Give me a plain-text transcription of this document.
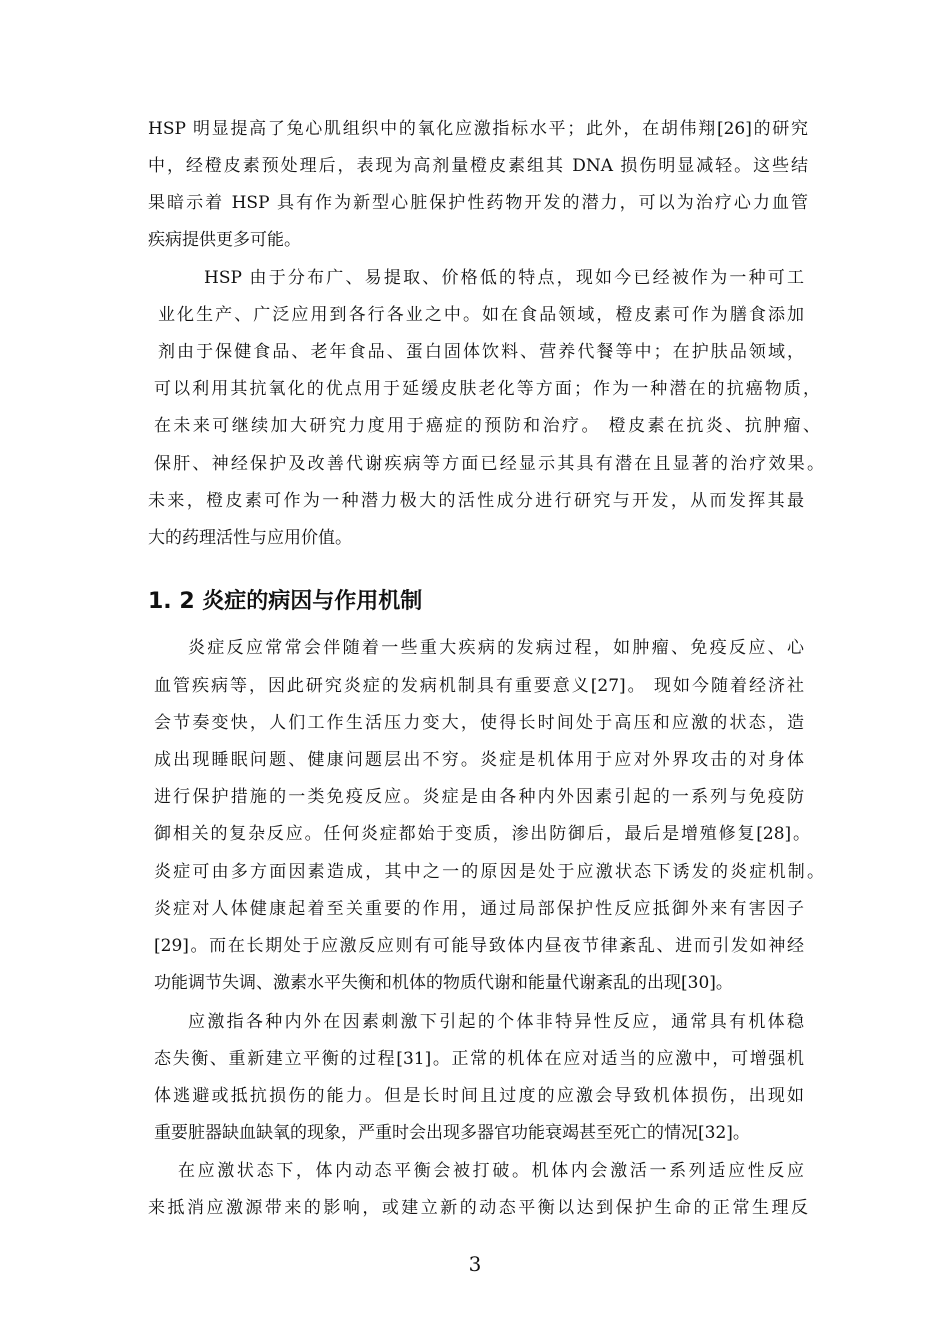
HSP 明显提高了兔心肌组织中的氧化应激指标水平；此外，在胡伟翔[26]的研究
中，经橙皮素预处理后，表现为高剂量橙皮素组其 DNA 损伤明显减轻。这些结
果暗示着 HSP 具有作为新型心脏保护性药物开发的潜力，可以为治疗心力血管
疾病提供更多可能。
HSP 由于分布广、易提取、价格低的特点，现如今已经被作为一种可工
业化生产、广泛应用到各行各业之中。如在食品领域，橙皮素可作为膳食添加
剂由于保健食品、老年食品、蛋白固体饮料、营养代餐等中；在护肤品领域，
可以利用其抗氧化的优点用于延缓皮肤老化等方面；作为一种潜在的抗癌物质，
在未来可继续加大研究力度用于癌症的预防和治疗。 橙皮素在抗炎、抗肿瘤、
保肝、神经保护及改善代谢疾病等方面已经显示其具有潜在且显著的治疗效果。
未来，橙皮素可作为一种潜力极大的活性成分进行研究与开发，从而发挥其最
大的药理活性与应用价值。
1. 2 炎症的病因与作用机制
炎症反应常常会伴随着一些重大疾病的发病过程，如肿瘤、免疫反应、心
血管疾病等，因此研究炎症的发病机制具有重要意义[27]。 现如今随着经济社
会节奏变快，人们工作生活压力变大，使得长时间处于高压和应激的状态，造
成出现睡眠问题、健康问题层出不穷。炎症是机体用于应对外界攻击的对身体
进行保护措施的一类免疫反应。炎症是由各种内外因素引起的一系列与免疫防
御相关的复杂反应。任何炎症都始于变质，渗出防御后，最后是增殖修复[28]。
炎症可由多方面因素造成，其中之一的原因是处于应激状态下诱发的炎症机制。
炎症对人体健康起着至关重要的作用，通过局部保护性反应抵御外来有害因子
[29]。而在长期处于应激反应则有可能导致体内昼夜节律紊乱、进而引发如神经
功能调节失调、激素水平失衡和机体的物质代谢和能量代谢紊乱的出现[30]。
应激指各种内外在因素刺激下引起的个体非特异性反应，通常具有机体稳
态失衡、重新建立平衡的过程[31]。正常的机体在应对适当的应激中，可增强机
体逃避或抵抗损伤的能力。但是长时间且过度的应激会导致机体损伤，出现如
重要脏器缺血缺氧的现象，严重时会出现多器官功能衰竭甚至死亡的情况[32]。
在应激状态下，体内动态平衡会被打破。机体内会激活一系列适应性反应
来抵消应激源带来的影响，或建立新的动态平衡以达到保护生命的正常生理反
3
